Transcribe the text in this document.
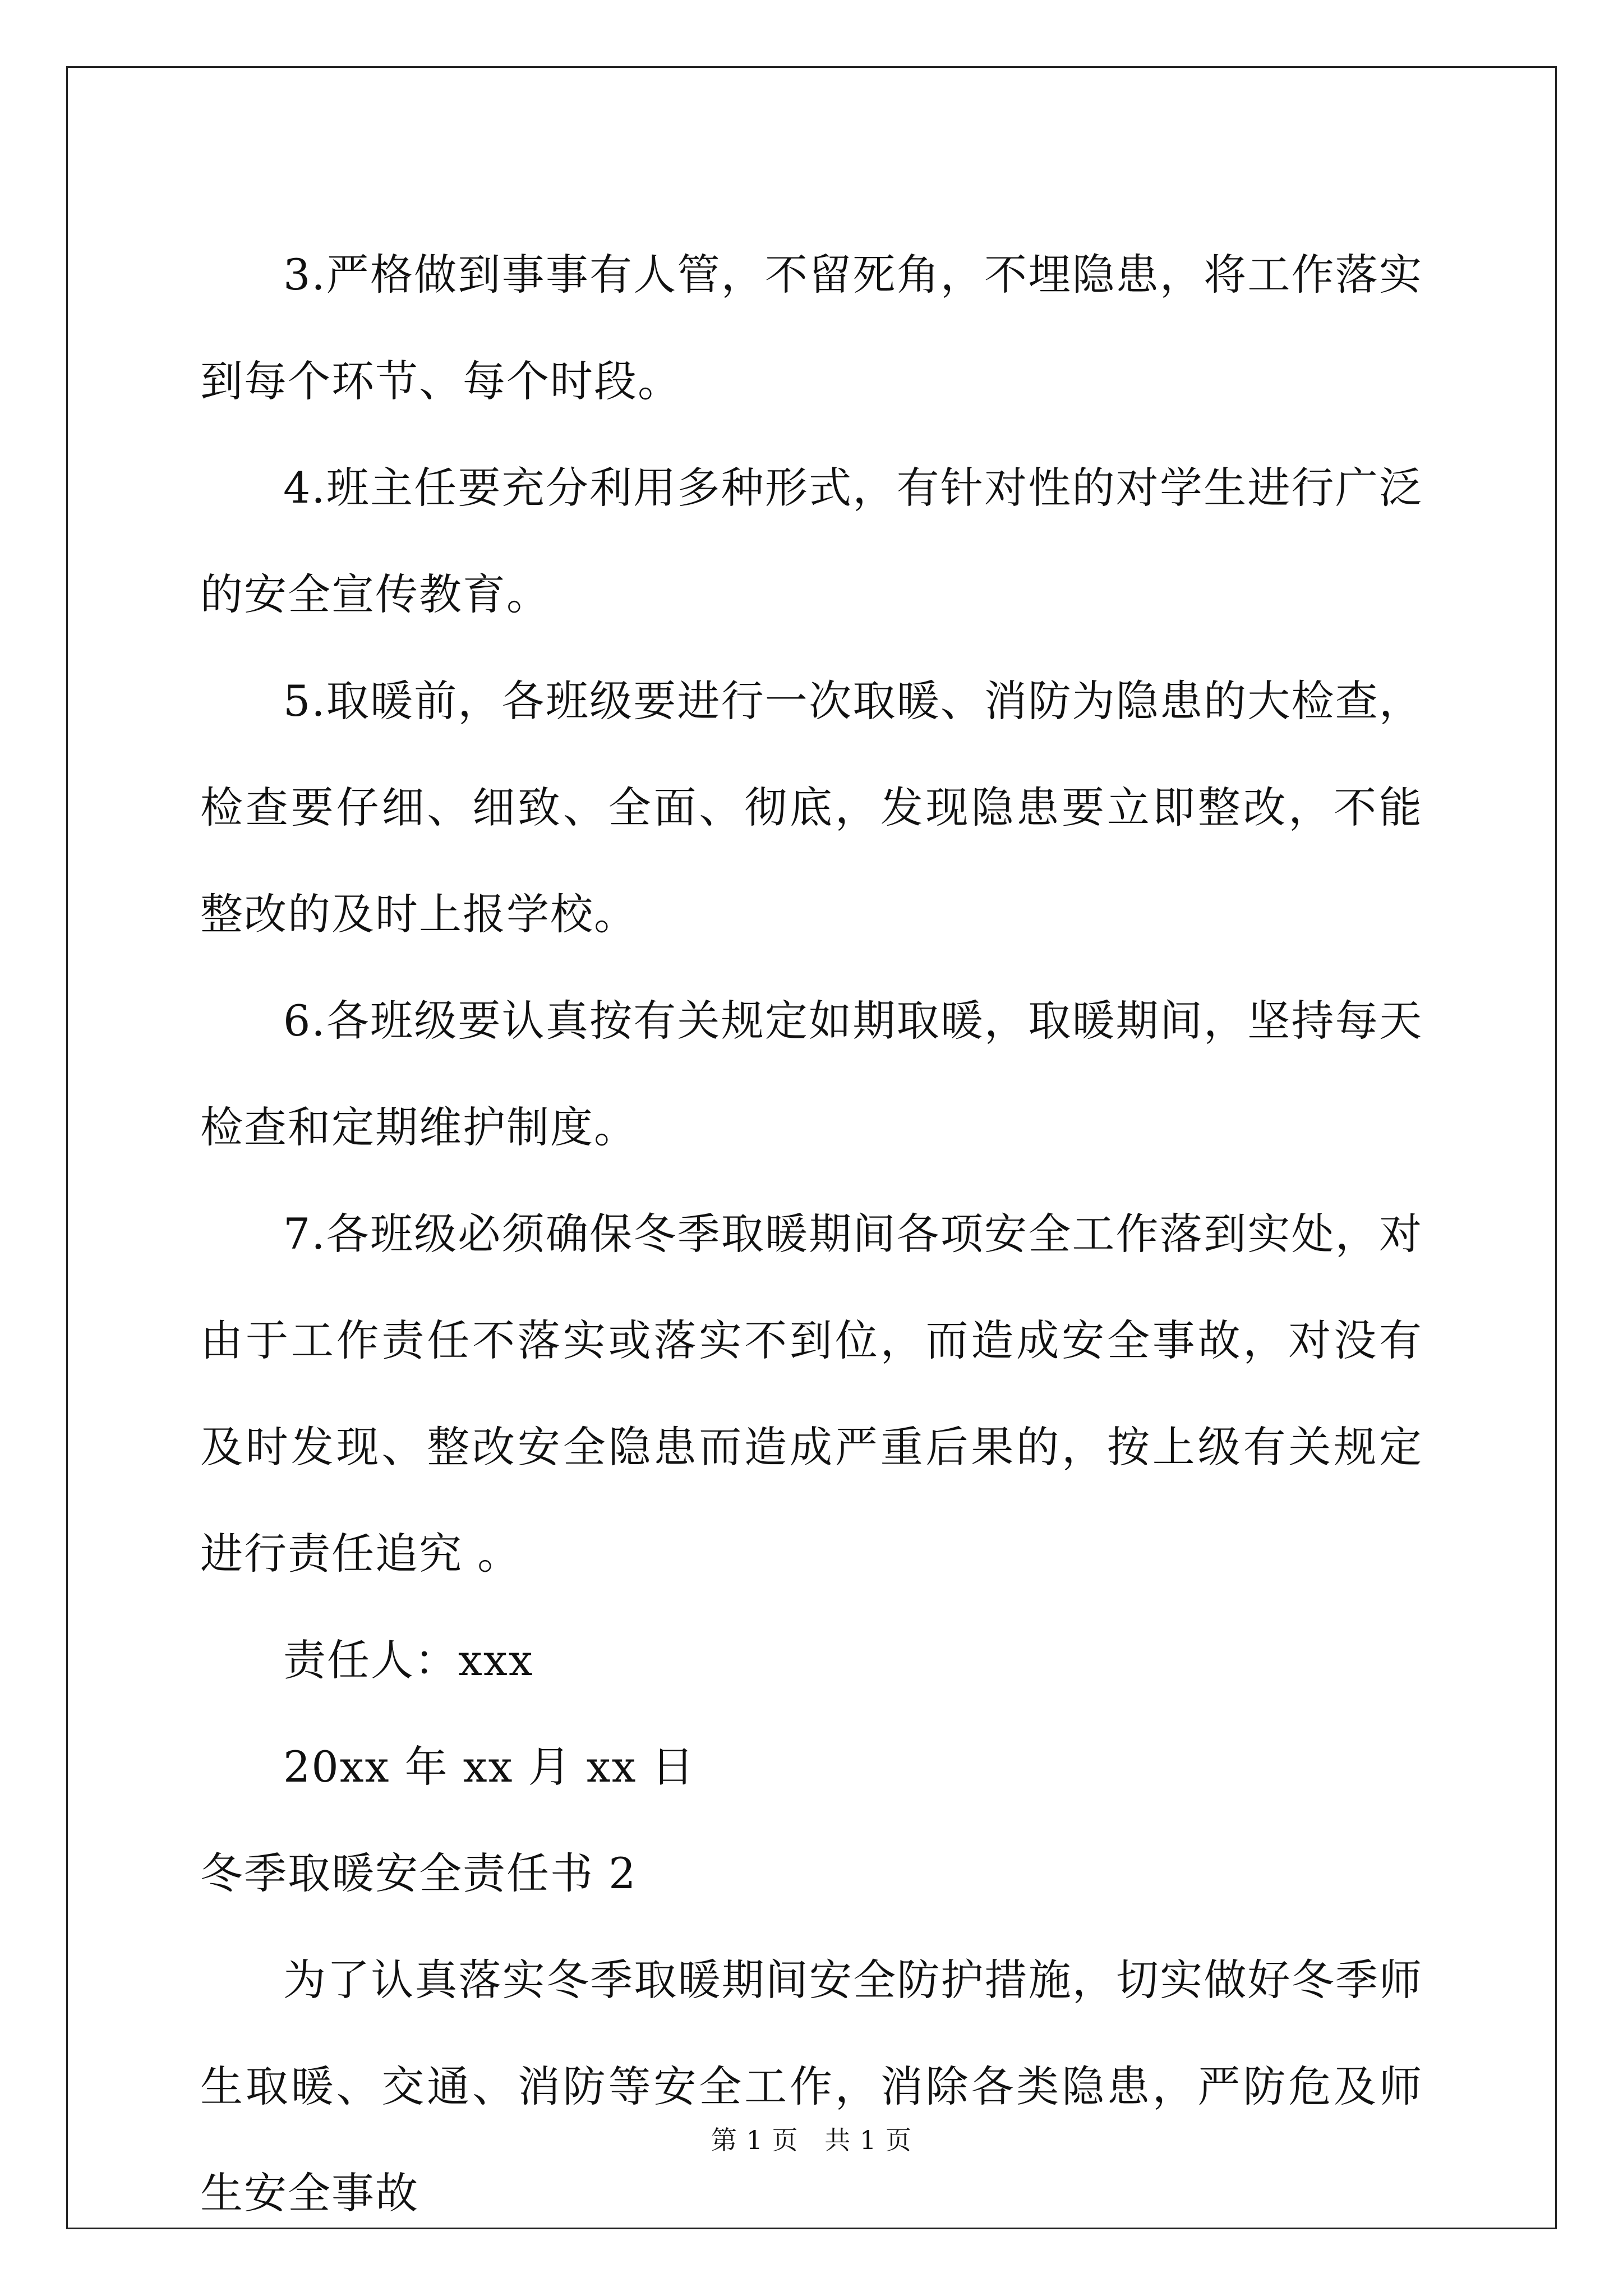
3.严格做到事事有人管，不留死角，不埋隐患，将工作落实到每个环节、每个时段。

4.班主任要充分利用多种形式，有针对性的对学生进行广泛的安全宣传教育。

5.取暖前，各班级要进行一次取暖、消防为隐患的大检查，检查要仔细、细致、全面、彻底，发现隐患要立即整改，不能整改的及时上报学校。

6.各班级要认真按有关规定如期取暖，取暖期间，坚持每天检查和定期维护制度。

7.各班级必须确保冬季取暖期间各项安全工作落到实处，对由于工作责任不落实或落实不到位，而造成安全事故，对没有及时发现、整改安全隐患而造成严重后果的，按上级有关规定进行责任追究 。

责任人：xxx

20xx 年 xx 月 xx 日

冬季取暖安全责任书 2

为了认真落实冬季取暖期间安全防护措施，切实做好冬季师生取暖、交通、消防等安全工作，消除各类隐患，严防危及师生安全事故

第 1 页   共 1 页
